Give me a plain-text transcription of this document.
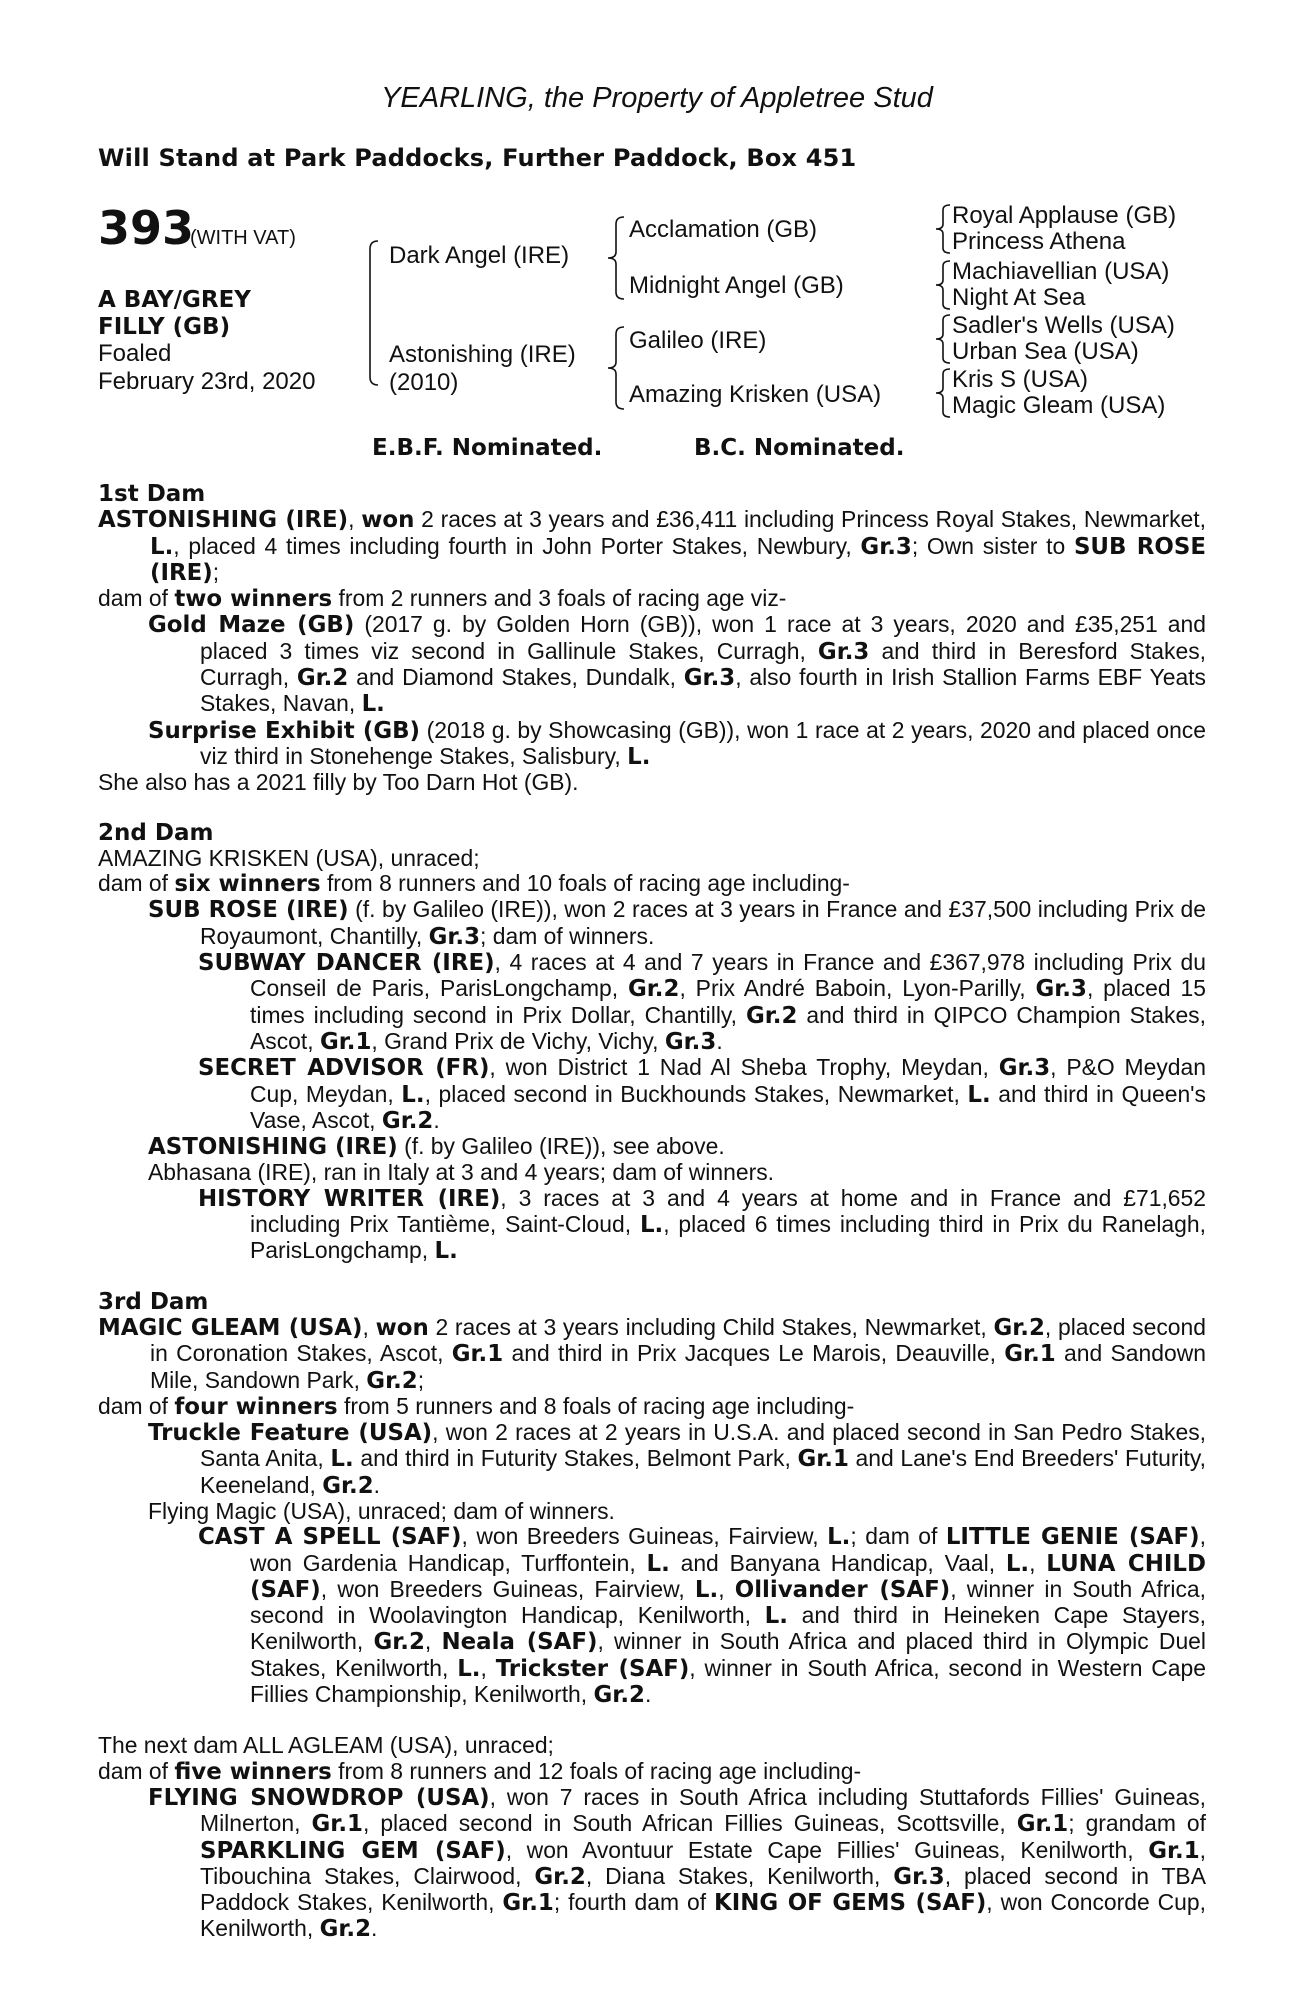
YEARLING, the Property of Appletree Stud
Will Stand at Park Paddocks, Further Paddock, Box 451
393
(WITH VAT)
A BAY/GREY
FILLY (GB)
Foaled
February 23rd, 2020
Dark Angel (IRE)
Astonishing (IRE)
(2010)
Acclamation (GB)
Midnight Angel (GB)
Galileo (IRE)
Amazing Krisken (USA)
Royal Applause (GB)
Princess Athena
Machiavellian (USA)
Night At Sea
Sadler's Wells (USA)
Urban Sea (USA)
Kris S (USA)
Magic Gleam (USA)
E.B.F. Nominated.	B.C. Nominated.
1st Dam

ASTONISHING (IRE), won 2 races at 3 years and £36,411 including Princess Royal Stakes, Newmarket, L., placed 4 times including fourth in John Porter Stakes, Newbury, Gr.3; Own sister to SUB ROSE (IRE);

dam of two winners from 2 runners and 3 foals of racing age viz-

Gold Maze (GB) (2017 g. by Golden Horn (GB)), won 1 race at 3 years, 2020 and £35,251 and placed 3 times viz second in Gallinule Stakes, Curragh, Gr.3 and third in Beresford Stakes, Curragh, Gr.2 and Diamond Stakes, Dundalk, Gr.3, also fourth in Irish Stallion Farms EBF Yeats Stakes, Navan, L.

Surprise Exhibit (GB) (2018 g. by Showcasing (GB)), won 1 race at 2 years, 2020 and placed once viz third in Stonehenge Stakes, Salisbury, L.

She also has a 2021 filly by Too Darn Hot (GB).

2nd Dam

AMAZING KRISKEN (USA), unraced;

dam of six winners from 8 runners and 10 foals of racing age including-

SUB ROSE (IRE) (f. by Galileo (IRE)), won 2 races at 3 years in France and £37,500 including Prix de Royaumont, Chantilly, Gr.3; dam of winners.

SUBWAY DANCER (IRE), 4 races at 4 and 7 years in France and £367,978 including Prix du Conseil de Paris, ParisLongchamp, Gr.2, Prix André Baboin, Lyon-Parilly, Gr.3, placed 15 times including second in Prix Dollar, Chantilly, Gr.2 and third in QIPCO Champion Stakes, Ascot, Gr.1, Grand Prix de Vichy, Vichy, Gr.3.

SECRET ADVISOR (FR), won District 1 Nad Al Sheba Trophy, Meydan, Gr.3, P&O Meydan Cup, Meydan, L., placed second in Buckhounds Stakes, Newmarket, L. and third in Queen's Vase, Ascot, Gr.2.

ASTONISHING (IRE) (f. by Galileo (IRE)), see above.

Abhasana (IRE), ran in Italy at 3 and 4 years; dam of winners.

HISTORY WRITER (IRE), 3 races at 3 and 4 years at home and in France and £71,652 including Prix Tantième, Saint-Cloud, L., placed 6 times including third in Prix du Ranelagh, ParisLongchamp, L.

3rd Dam

MAGIC GLEAM (USA), won 2 races at 3 years including Child Stakes, Newmarket, Gr.2, placed second in Coronation Stakes, Ascot, Gr.1 and third in Prix Jacques Le Marois, Deauville, Gr.1 and Sandown Mile, Sandown Park, Gr.2;

dam of four winners from 5 runners and 8 foals of racing age including-

Truckle Feature (USA), won 2 races at 2 years in U.S.A. and placed second in San Pedro Stakes, Santa Anita, L. and third in Futurity Stakes, Belmont Park, Gr.1 and Lane's End Breeders' Futurity, Keeneland, Gr.2.

Flying Magic (USA), unraced; dam of winners.

CAST A SPELL (SAF), won Breeders Guineas, Fairview, L.; dam of LITTLE GENIE (SAF), won Gardenia Handicap, Turffontein, L. and Banyana Handicap, Vaal, L., LUNA CHILD (SAF), won Breeders Guineas, Fairview, L., Ollivander (SAF), winner in South Africa, second in Woolavington Handicap, Kenilworth, L. and third in Heineken Cape Stayers, Kenilworth, Gr.2, Neala (SAF), winner in South Africa and placed third in Olympic Duel Stakes, Kenilworth, L., Trickster (SAF), winner in South Africa, second in Western Cape Fillies Championship, Kenilworth, Gr.2.

The next dam ALL AGLEAM (USA), unraced;

dam of five winners from 8 runners and 12 foals of racing age including-

FLYING SNOWDROP (USA), won 7 races in South Africa including Stuttafords Fillies' Guineas, Milnerton, Gr.1, placed second in South African Fillies Guineas, Scottsville, Gr.1; grandam of SPARKLING GEM (SAF), won Avontuur Estate Cape Fillies' Guineas, Kenilworth, Gr.1, Tibouchina Stakes, Clairwood, Gr.2, Diana Stakes, Kenilworth, Gr.3, placed second in TBA Paddock Stakes, Kenilworth, Gr.1; fourth dam of KING OF GEMS (SAF), won Concorde Cup, Kenilworth, Gr.2.
